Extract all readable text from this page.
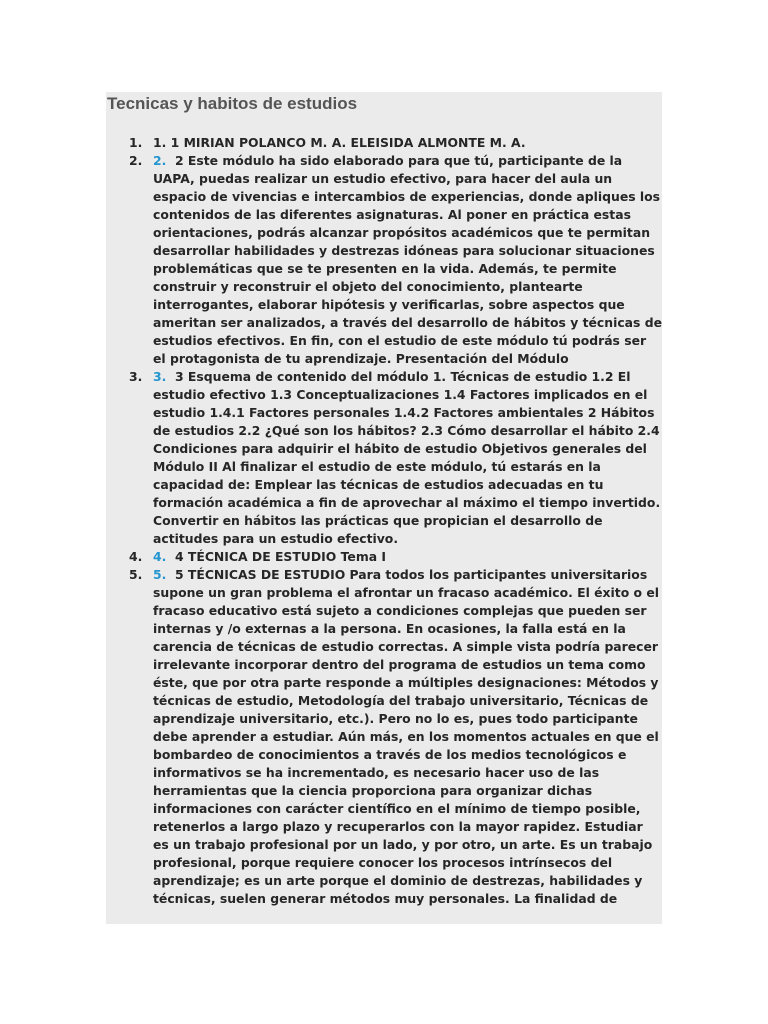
Tecnicas y habitos de estudios
1. 1. 1 MIRIAN POLANCO M. A. ELEISIDA ALMONTE M. A.
2. 2. 2 Este módulo ha sido elaborado para que tú, participante de la UAPA, puedas realizar un estudio efectivo, para hacer del aula un espacio de vivencias e intercambios de experiencias, donde apliques los contenidos de las diferentes asignaturas. Al poner en práctica estas orientaciones, podrás alcanzar propósitos académicos que te permitan desarrollar habilidades y destrezas idóneas para solucionar situaciones problemáticas que se te presenten en la vida. Además, te permite construir y reconstruir el objeto del conocimiento, plantearte interrogantes, elaborar hipótesis y verificarlas, sobre aspectos que ameritan ser analizados, a través del desarrollo de hábitos y técnicas de estudios efectivos. En fin, con el estudio de este módulo tú podrás ser el protagonista de tu aprendizaje. Presentación del Módulo
3. 3. 3 Esquema de contenido del módulo 1. Técnicas de estudio 1.2 El estudio efectivo 1.3 Conceptualizaciones 1.4 Factores implicados en el estudio 1.4.1 Factores personales 1.4.2 Factores ambientales 2 Hábitos de estudios 2.2 ¿Qué son los hábitos? 2.3 Cómo desarrollar el hábito 2.4 Condiciones para adquirir el hábito de estudio Objetivos generales del Módulo II Al finalizar el estudio de este módulo, tú estarás en la capacidad de: Emplear las técnicas de estudios adecuadas en tu formación académica a fin de aprovechar al máximo el tiempo invertido. Convertir en hábitos las prácticas que propician el desarrollo de actitudes para un estudio efectivo.
4. 4. 4 TÉCNICA DE ESTUDIO Tema I
5. 5. 5 TÉCNICAS DE ESTUDIO Para todos los participantes universitarios supone un gran problema el afrontar un fracaso académico. El éxito o el fracaso educativo está sujeto a condiciones complejas que pueden ser internas y /o externas a la persona. En ocasiones, la falla está en la carencia de técnicas de estudio correctas. A simple vista podría parecer irrelevante incorporar dentro del programa de estudios un tema como éste, que por otra parte responde a múltiples designaciones: Métodos y técnicas de estudio, Metodología del trabajo universitario, Técnicas de aprendizaje universitario, etc.). Pero no lo es, pues todo participante debe aprender a estudiar. Aún más, en los momentos actuales en que el bombardeo de conocimientos a través de los medios tecnológicos e informativos se ha incrementado, es necesario hacer uso de las herramientas que la ciencia proporciona para organizar dichas informaciones con carácter científico en el mínimo de tiempo posible, retenerlos a largo plazo y recuperarlos con la mayor rapidez. Estudiar es un trabajo profesional por un lado, y por otro, un arte. Es un trabajo profesional, porque requiere conocer los procesos intrínsecos del aprendizaje; es un arte porque el dominio de destrezas, habilidades y técnicas, suelen generar métodos muy personales. La finalidad de
